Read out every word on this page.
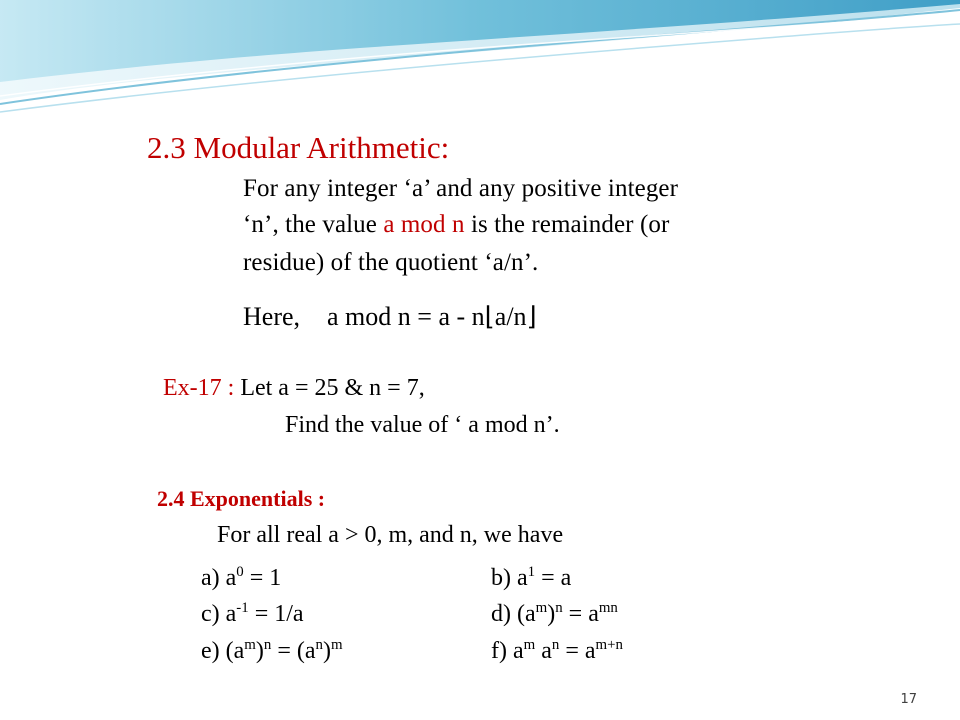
2.3 Modular Arithmetic:
For any integer ‘a’ and any positive integer
‘n’, the value a mod n is the remainder (or
residue) of the quotient ‘a/n’.
Here, a mod n = a - n⌊a/n⌋
Ex-17 : Let a = 25 & n = 7,
Find the value of ‘ a mod n’.
2.4 Exponentials :
For all real a > 0, m, and n, we have
a) $a^0 = 1$
c) $a^{-1} = 1/a$
e) $(a^m)^n = (a^n)^m$
b) $a^1 = a$
d) $(a^m)^n = a^{mn}$
f) $a^m$ $a^n = a^{m+n}$
17
